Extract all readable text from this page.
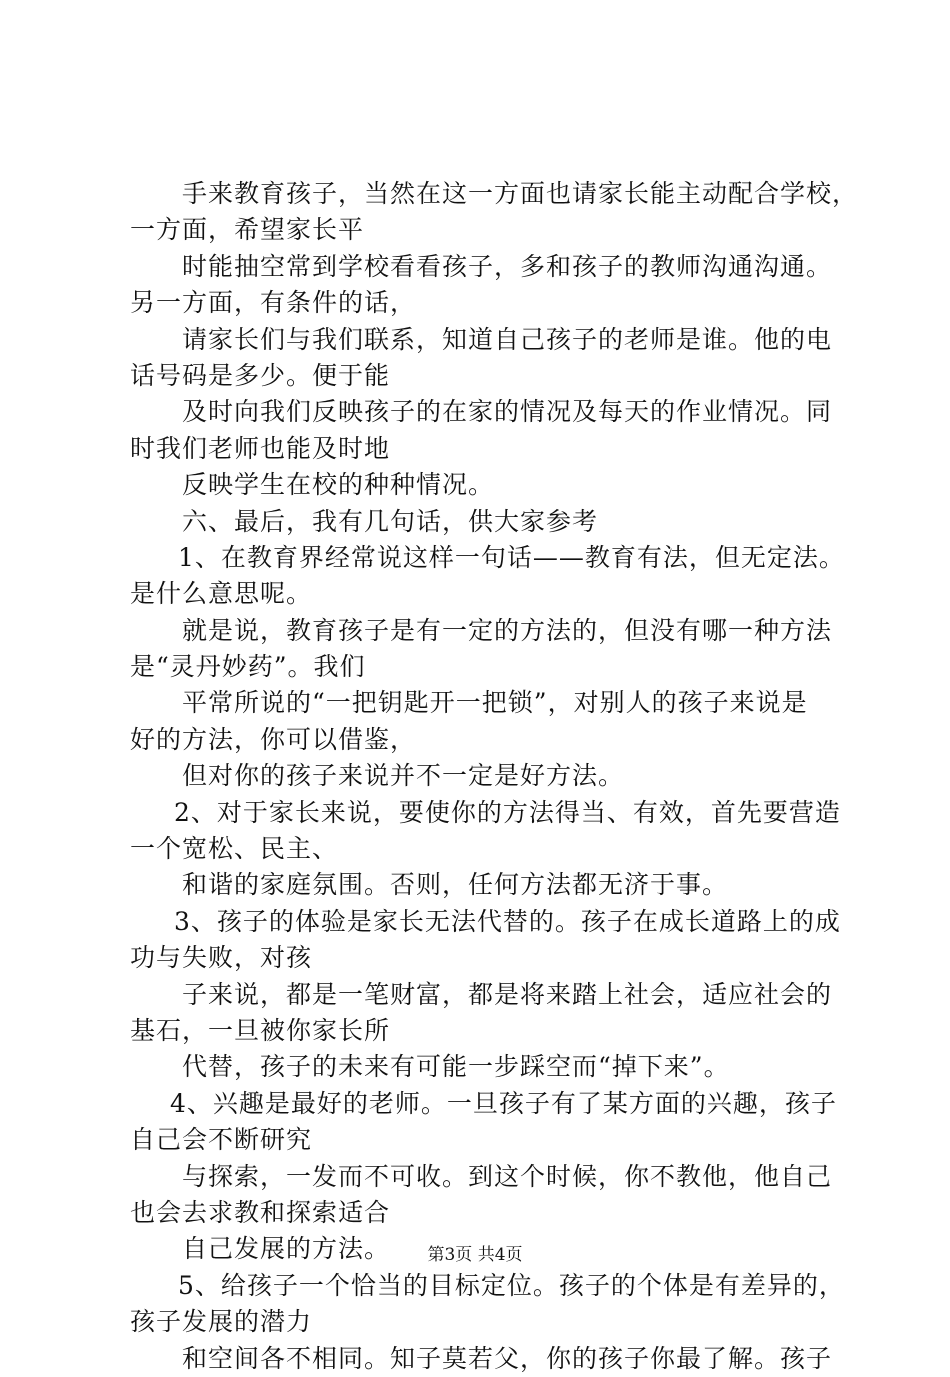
手来教育孩子，当然在这一方面也请家长能主动配合学校，
一方面，希望家长平
时能抽空常到学校看看孩子，多和孩子的教师沟通沟通。
另一方面，有条件的话，
请家长们与我们联系，知道自己孩子的老师是谁。他的电
话号码是多少。便于能
及时向我们反映孩子的在家的情况及每天的作业情况。同
时我们老师也能及时地
反映学生在校的种种情况。
六、最后，我有几句话，供大家参考
1、在教育界经常说这样一句话——教育有法，但无定法。
是什么意思呢。
就是说，教育孩子是有一定的方法的，但没有哪一种方法
是“灵丹妙药”。我们
平常所说的“一把钥匙开一把锁”，对别人的孩子来说是
好的方法，你可以借鉴，
但对你的孩子来说并不一定是好方法。
2、对于家长来说，要使你的方法得当、有效，首先要营造
一个宽松、民主、
和谐的家庭氛围。否则，任何方法都无济于事。
3、孩子的体验是家长无法代替的。孩子在成长道路上的成
功与失败，对孩
子来说，都是一笔财富，都是将来踏上社会，适应社会的
基石，一旦被你家长所
代替，孩子的未来有可能一步踩空而“掉下来”。
4、兴趣是最好的老师。一旦孩子有了某方面的兴趣，孩子
自己会不断研究
与探索，一发而不可收。到这个时候，你不教他，他自己
也会去求教和探索适合
自己发展的方法。
5、给孩子一个恰当的目标定位。孩子的个体是有差异的，
孩子发展的潜力
和空间各不相同。知子莫若父，你的孩子你最了解。孩子
第3页 共4页
